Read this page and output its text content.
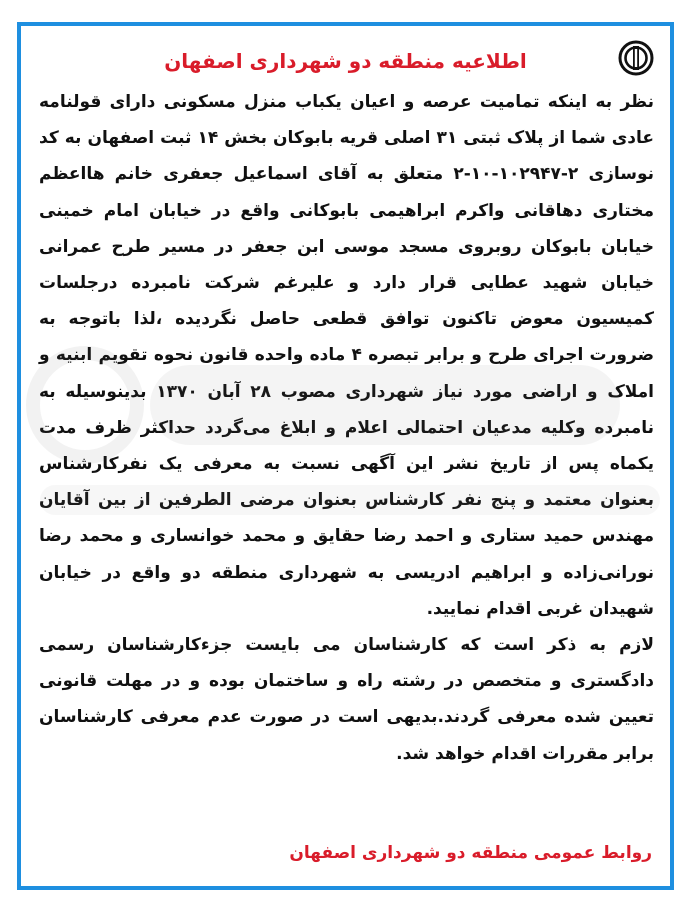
اطلاعیه منطقه دو شهرداری اصفهان

نظر به اینکه تمامیت عرصه و اعیان یکباب منزل مسکونی دارای قولنامه عادی شما از پلاک ثبتی ۳۱ اصلی قریه بابوکان بخش ۱۴ ثبت اصفهان به کد نوسازی ۲-۱۰۲۹۴۷-۱۰-۲ متعلق به آقای اسماعیل جعفری خانم هااعظم مختاری دهاقانی واکرم ابراهیمی بابوکانی واقع در خیابان امام خمینی خیابان بابوکان روبروی مسجد موسی ابن جعفر در مسیر طرح عمرانی خیابان شهید عطایی قرار دارد و علیرغم شرکت نامبرده درجلسات کمیسیون معوض تاکنون توافق قطعی حاصل نگردیده ،لذا باتوجه به ضرورت اجرای طرح و برابر تبصره ۴ ماده واحده قانون نحوه تقویم ابنیه و املاک و اراضی مورد نیاز شهرداری مصوب ۲۸ آبان ۱۳۷۰ بدینوسیله به نامبرده وکلیه مدعیان احتمالی اعلام و ابلاغ می‌گردد حداکثر ظرف مدت یکماه پس از تاریخ نشر این آگهی نسبت به معرفی یک نفرکارشناس بعنوان معتمد و پنج نفر کارشناس بعنوان مرضی الطرفین از بین آقایان مهندس حمید ستاری و احمد رضا حقایق و محمد خوانساری و محمد رضا نورانی‌زاده و ابراهیم ادریسی به شهرداری منطقه دو واقع در خیابان شهیدان غربی اقدام نمایید.

لازم به ذکر است که کارشناسان می بایست جزءکارشناسان رسمی دادگستری و متخصص در رشته راه و ساختمان بوده و در مهلت قانونی تعیین شده معرفی گردند.بدیهی است در صورت عدم معرفی کارشناسان برابر مقررات اقدام خواهد شد.

روابط عمومی منطقه دو شهرداری اصفهان
